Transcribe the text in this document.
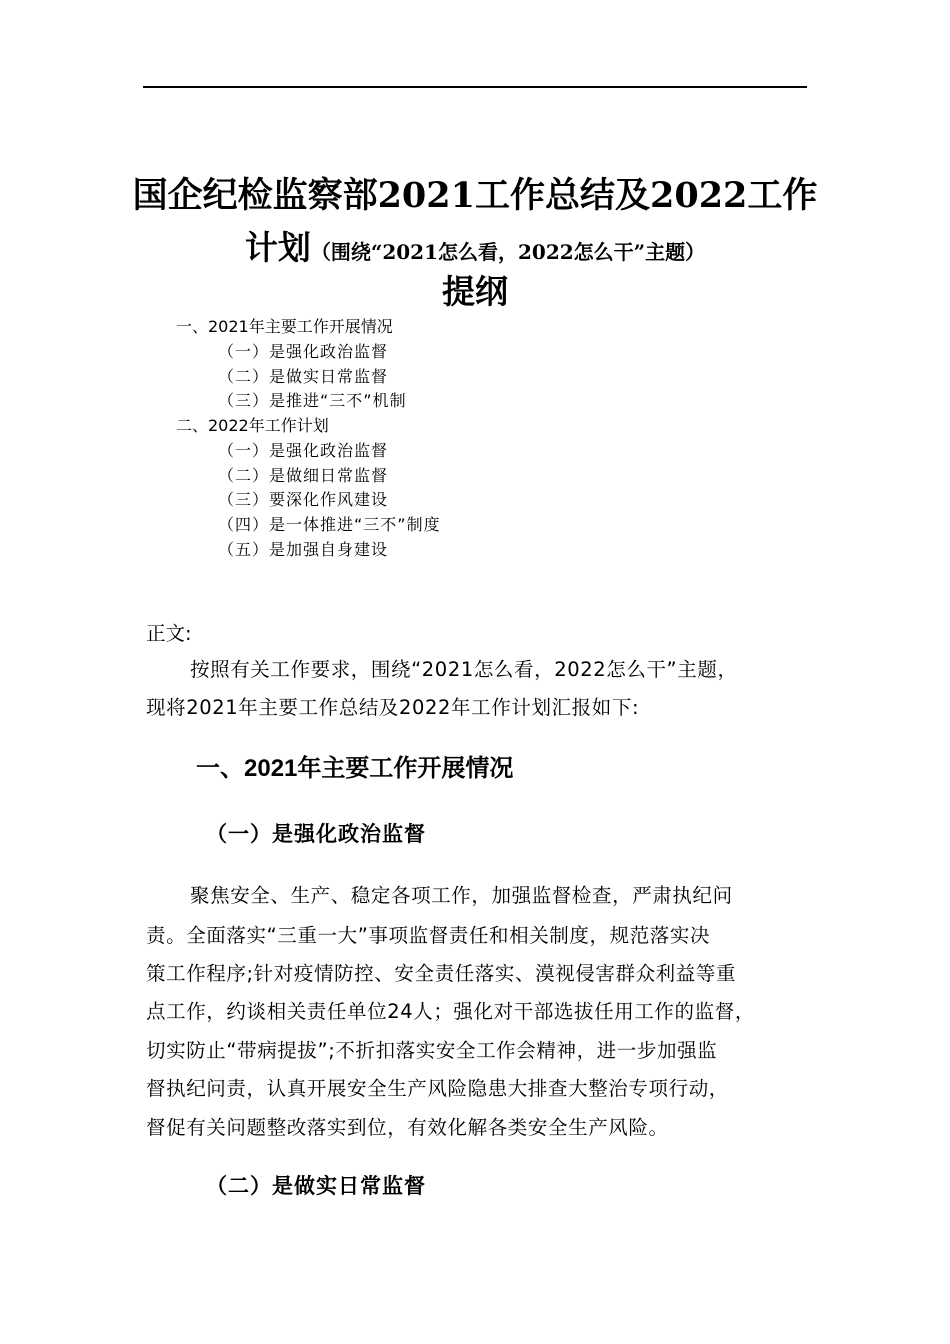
国企纪检监察部2021工作总结及2022工作
计划（围绕“2021怎么看，2022怎么干”主题）
提纲
一、2021年主要工作开展情况
（一）是强化政治监督
（二）是做实日常监督
（三）是推进“三不”机制
二、2022年工作计划
（一）是强化政治监督
（二）是做细日常监督
（三）要深化作风建设
（四）是一体推进“三不”制度
（五）是加强自身建设
正文:
按照有关工作要求，围绕“2021怎么看，2022怎么干”主题，
现将2021年主要工作总结及2022年工作计划汇报如下:
一、2021年主要工作开展情况
（一）是强化政治监督
聚焦安全、生产、稳定各项工作，加强监督检查，严肃执纪问
责。全面落实“三重一大”事项监督责任和相关制度，规范落实决
策工作程序;针对疫情防控、安全责任落实、漠视侵害群众利益等重
点工作，约谈相关责任单位24人；强化对干部选拔任用工作的监督，
切实防止“带病提拔”;不折扣落实安全工作会精神，进一步加强监
督执纪问责，认真开展安全生产风险隐患大排查大整治专项行动，
督促有关问题整改落实到位，有效化解各类安全生产风险。
（二）是做实日常监督
